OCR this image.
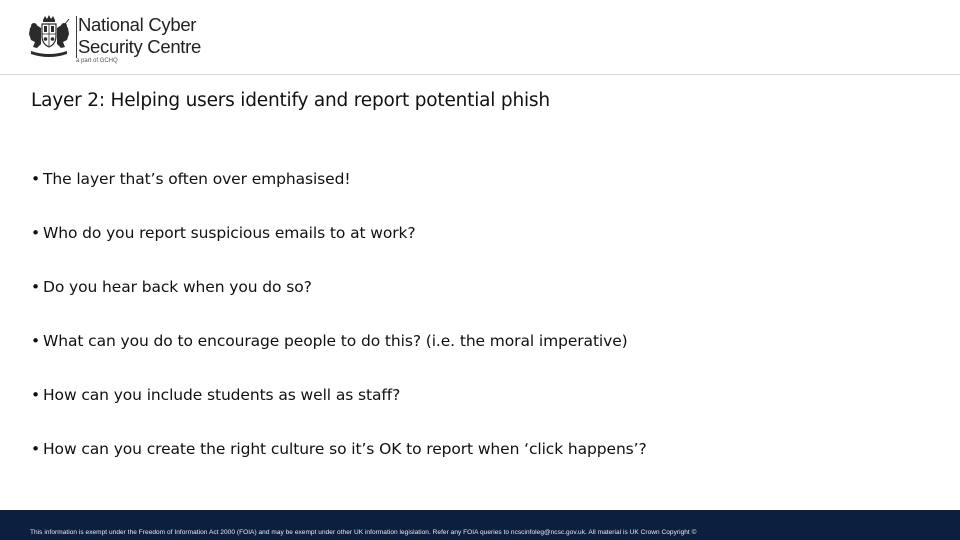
National Cyber
Security Centre
a part of GCHQ
Layer 2: Helping users identify and report potential phish
• The layer that’s often over emphasised!
• Who do you report suspicious emails to at work?
• Do you hear back when you do so?
• What can you do to encourage people to do this? (i.e. the moral imperative)
• How can you include students as well as staff?
• How can you create the right culture so it’s OK to report when ‘click happens’?
This information is exempt under the Freedom of Information Act 2000 (FOIA) and may be exempt under other UK information legislation. Refer any FOIA queries to ncscinfoleg@ncsc.gov.uk. All material is UK Crown Copyright ©
